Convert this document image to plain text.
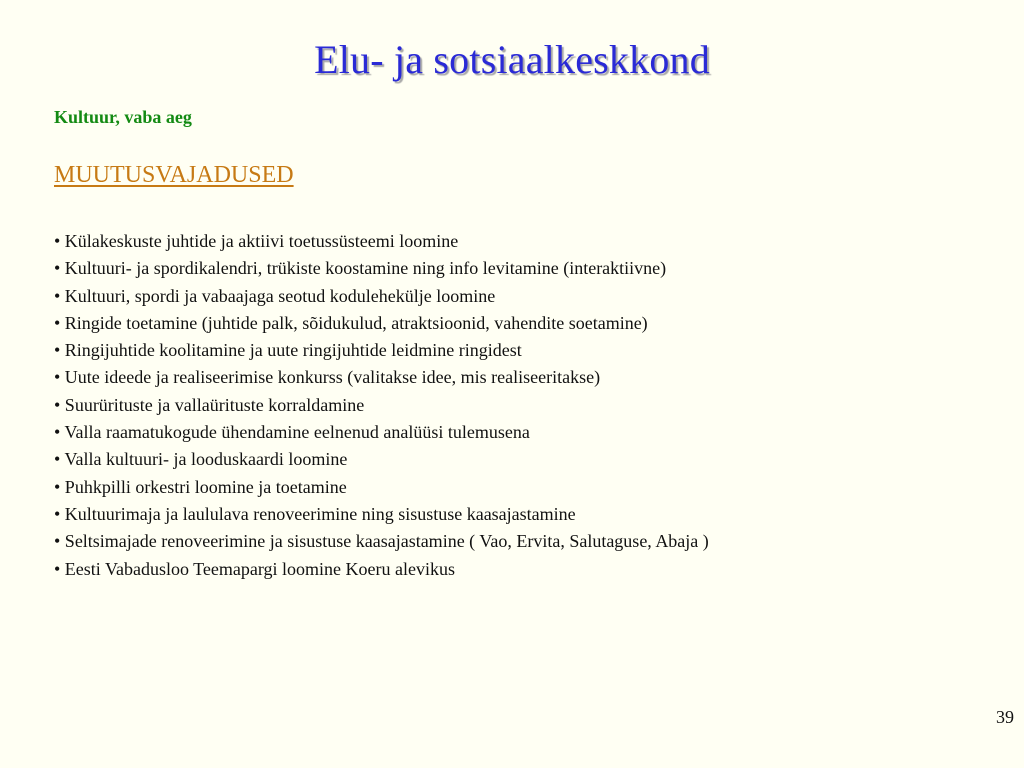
Elu- ja sotsiaalkeskkond
Kultuur, vaba aeg
MUUTUSVAJADUSED
• Külakeskuste juhtide ja aktiivi toetussüsteemi loomine
• Kultuuri- ja spordikalendri, trükiste koostamine ning info levitamine (interaktiivne)
• Kultuuri, spordi ja vabaajaga seotud kodulehekülje loomine
• Ringide toetamine (juhtide palk, sõidukulud, atraktsioonid, vahendite soetamine)
• Ringijuhtide koolitamine ja uute ringijuhtide leidmine ringidest
• Uute ideede ja realiseerimise konkurss (valitakse idee, mis realiseeritakse)
• Suurürituste ja vallaürituste korraldamine
• Valla raamatukogude ühendamine eelnenud analüüsi tulemusena
• Valla kultuuri- ja looduskaardi loomine
• Puhkpilli orkestri loomine ja toetamine
• Kultuurimaja ja laululava renoveerimine ning sisustuse kaasajastamine
• Seltsimajade renoveerimine ja sisustuse kaasajastamine ( Vao, Ervita, Salutaguse, Abaja )
• Eesti Vabadusloo Teemapargi loomine Koeru alevikus
39
